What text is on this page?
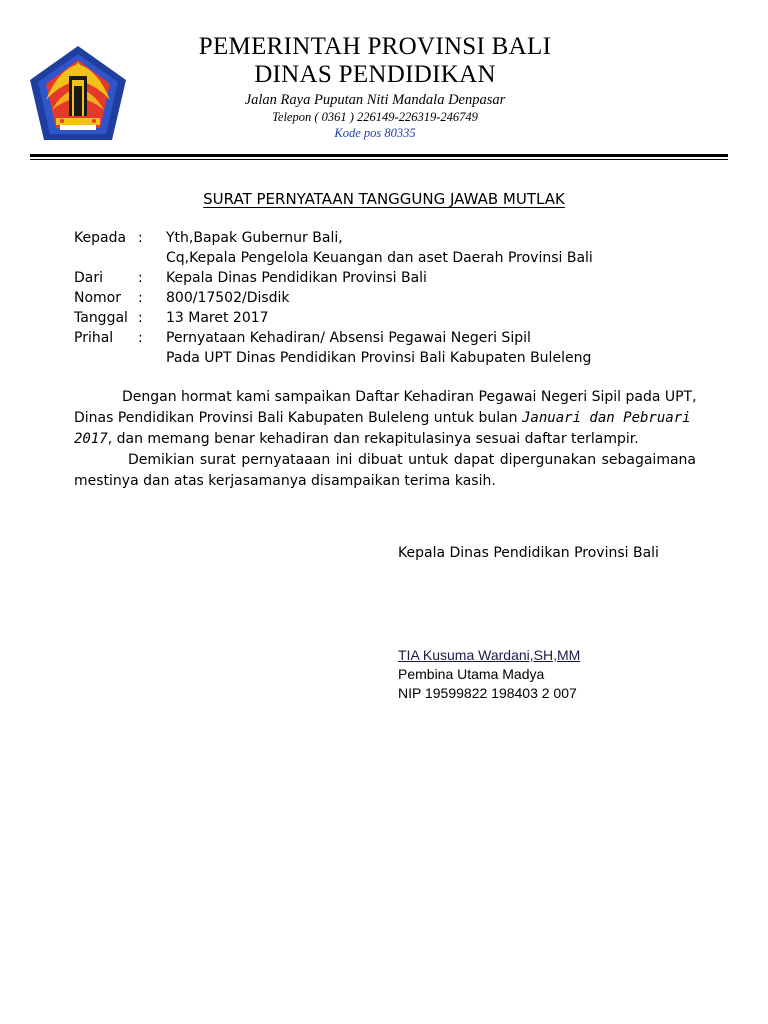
PEMERINTAH PROVINSI BALI
DINAS PENDIDIKAN
Jalan Raya Puputan Niti Mandala Denpasar
Telepon ( 0361 ) 226149-226319-246749
Kode pos 80335
SURAT PERNYATAAN TANGGUNG JAWAB MUTLAK
Kepada : Yth,Bapak Gubernur Bali,
Cq,Kepala Pengelola Keuangan dan aset Daerah Provinsi Bali
Dari : Kepala Dinas Pendidikan Provinsi Bali
Nomor : 800/17502/Disdik
Tanggal : 13 Maret 2017
Prihal : Pernyataan Kehadiran/ Absensi Pegawai Negeri Sipil
Pada UPT Dinas Pendidikan Provinsi Bali Kabupaten Buleleng
Dengan hormat kami sampaikan Daftar Kehadiran Pegawai Negeri Sipil pada UPT,
Dinas Pendidikan Provinsi Bali Kabupaten Buleleng untuk bulan Januari dan Pebruari
2017, dan memang benar kehadiran dan rekapitulasinya sesuai daftar terlampir.
Demikian surat pernyataaan ini dibuat untuk dapat dipergunakan sebagaimana
mestinya dan atas kerjasamanya disampaikan terima kasih.
Kepala Dinas Pendidikan Provinsi Bali
TIA Kusuma Wardani,SH,MM
Pembina Utama Madya
NIP 19599822 198403 2 007
